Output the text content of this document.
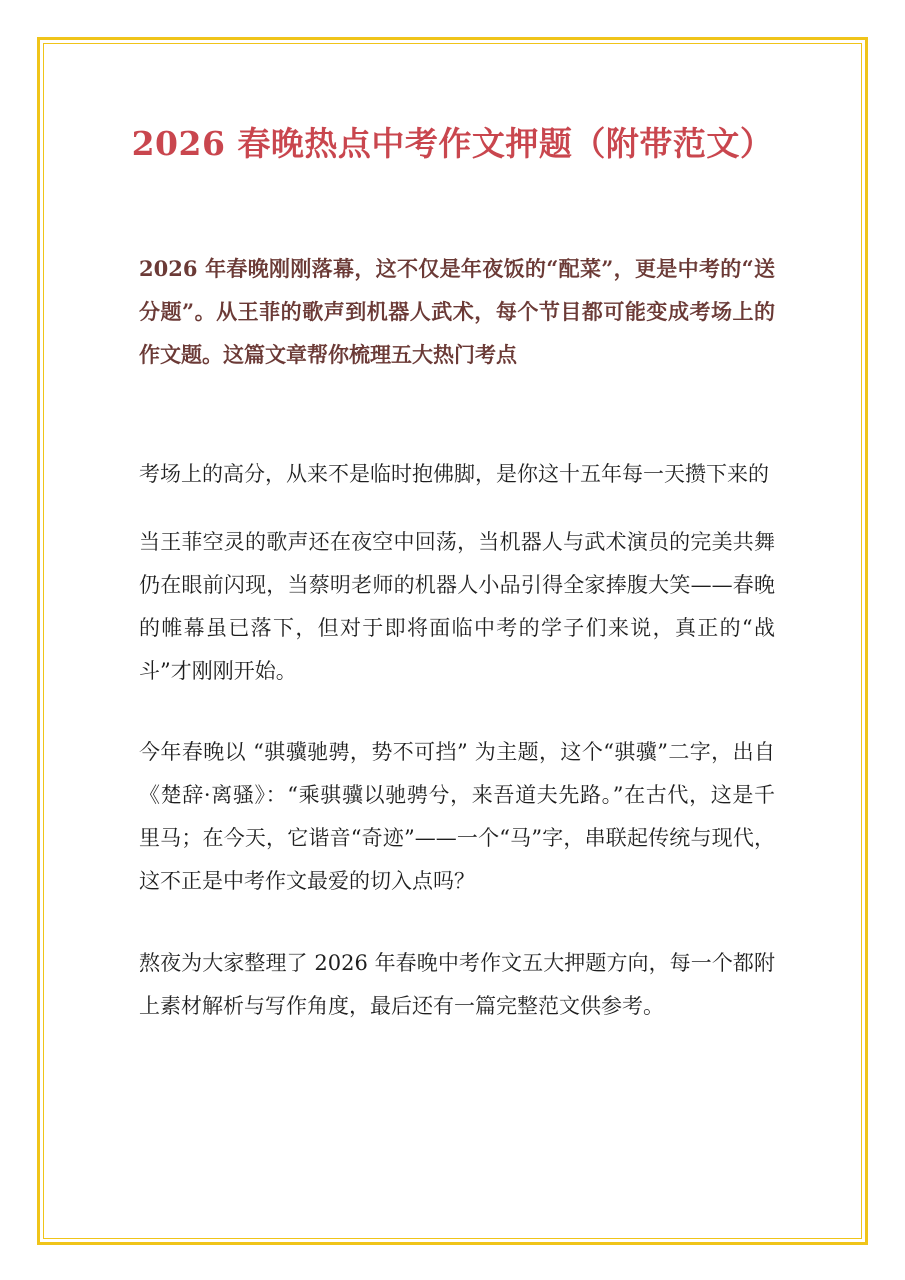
2026 春晚热点中考作文押题（附带范文）

2026 年春晚刚刚落幕，这不仅是年夜饭的“配菜”，更是中考的“送分题”。从王菲的歌声到机器人武术，每个节目都可能变成考场上的作文题。这篇文章帮你梳理五大热门考点

考场上的高分，从来不是临时抱佛脚，是你这十五年每一天攒下来的

当王菲空灵的歌声还在夜空中回荡，当机器人与武术演员的完美共舞仍在眼前闪现，当蔡明老师的机器人小品引得全家捧腹大笑——春晚的帷幕虽已落下，但对于即将面临中考的学子们来说，真正的“战斗”才刚刚开始。

今年春晚以 “骐骥驰骋，势不可挡” 为主题，这个“骐骥”二字，出自《楚辞·离骚》：“乘骐骥以驰骋兮，来吾道夫先路。”在古代，这是千里马；在今天，它谐音“奇迹”——一个“马”字，串联起传统与现代，这不正是中考作文最爱的切入点吗？

熬夜为大家整理了 2026 年春晚中考作文五大押题方向，每一个都附上素材解析与写作角度，最后还有一篇完整范文供参考。
